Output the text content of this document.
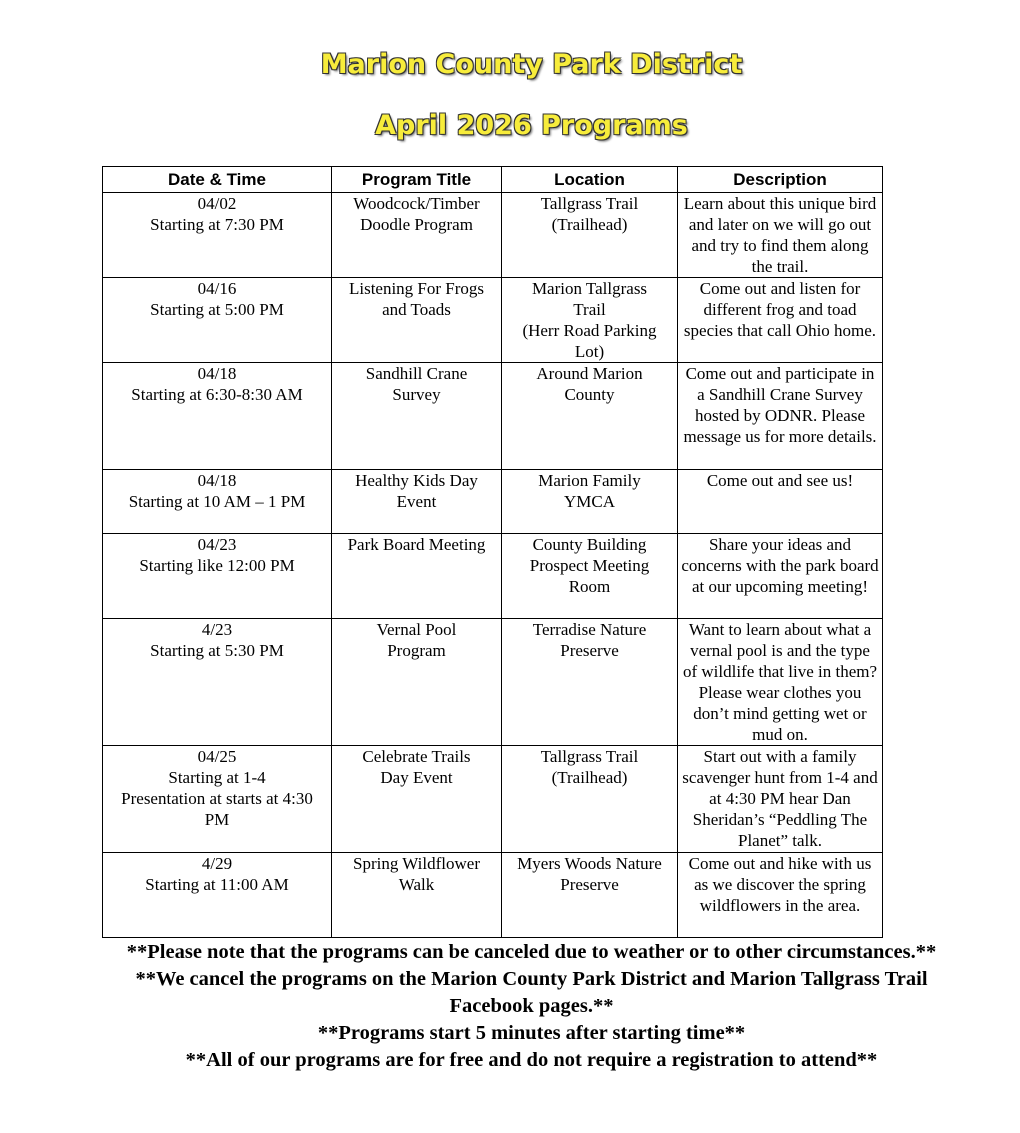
Marion County Park District
April 2026 Programs
Date & Time	Program Title	Location	Description

04/02
Starting at 7:30 PM	Woodcock/Timber
Doodle Program	Tallgrass Trail
(Trailhead)	Learn about this unique bird and later on we will go out and try to find them along the trail.

04/16
Starting at 5:00 PM	Listening For Frogs
and Toads	Marion Tallgrass
Trail
(Herr Road Parking
Lot)	Come out and listen for different frog and toad species that call Ohio home.

04/18
Starting at 6:30-8:30 AM	Sandhill Crane
Survey	Around Marion
County	Come out and participate in a Sandhill Crane Survey hosted by ODNR. Please message us for more details.

04/18
Starting at 10 AM – 1 PM	Healthy Kids Day
Event	Marion Family
YMCA	Come out and see us!

04/23
Starting like 12:00 PM	Park Board Meeting	County Building
Prospect Meeting
Room	Share your ideas and concerns with the park board at our upcoming meeting!

4/23
Starting at 5:30 PM	Vernal Pool
Program	Terradise Nature
Preserve	Want to learn about what a vernal pool is and the type of wildlife that live in them? Please wear clothes you don’t mind getting wet or mud on.

04/25
Starting at 1-4
Presentation at starts at 4:30
PM	Celebrate Trails
Day Event	Tallgrass Trail
(Trailhead)	Start out with a family scavenger hunt from 1-4 and at 4:30 PM hear Dan Sheridan’s “Peddling The Planet” talk.

4/29
Starting at 11:00 AM	Spring Wildflower
Walk	Myers Woods Nature
Preserve	Come out and hike with us as we discover the spring wildflowers in the area.

**Please note that the programs can be canceled due to weather or to other circumstances.**

**We cancel the programs on the Marion County Park District and Marion Tallgrass Trail Facebook pages.**

**Programs start 5 minutes after starting time**

**All of our programs are for free and do not require a registration to attend**
